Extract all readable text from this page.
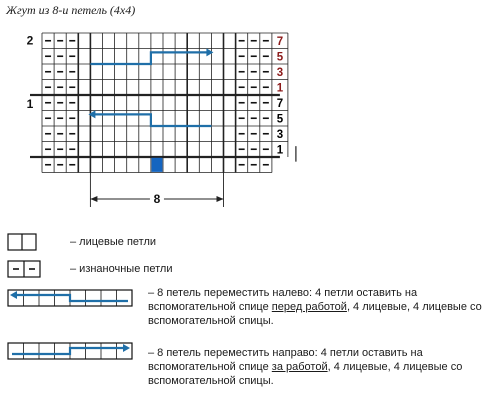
Жгут из 8-и петель (4х4)
2
1
7
5
3
1
7
5
3
1
8
– лицевые петли
– изнаночные петли
– 8 петель переместить налево: 4 петли оставить на
вспомогательной спице перед работой, 4 лицевые, 4 лицевые со
вспомогательной спицы.
– 8 петель переместить направо: 4 петли оставить на
вспомогательной спице за работой, 4 лицевые, 4 лицевые со
вспомогательной спицы.
